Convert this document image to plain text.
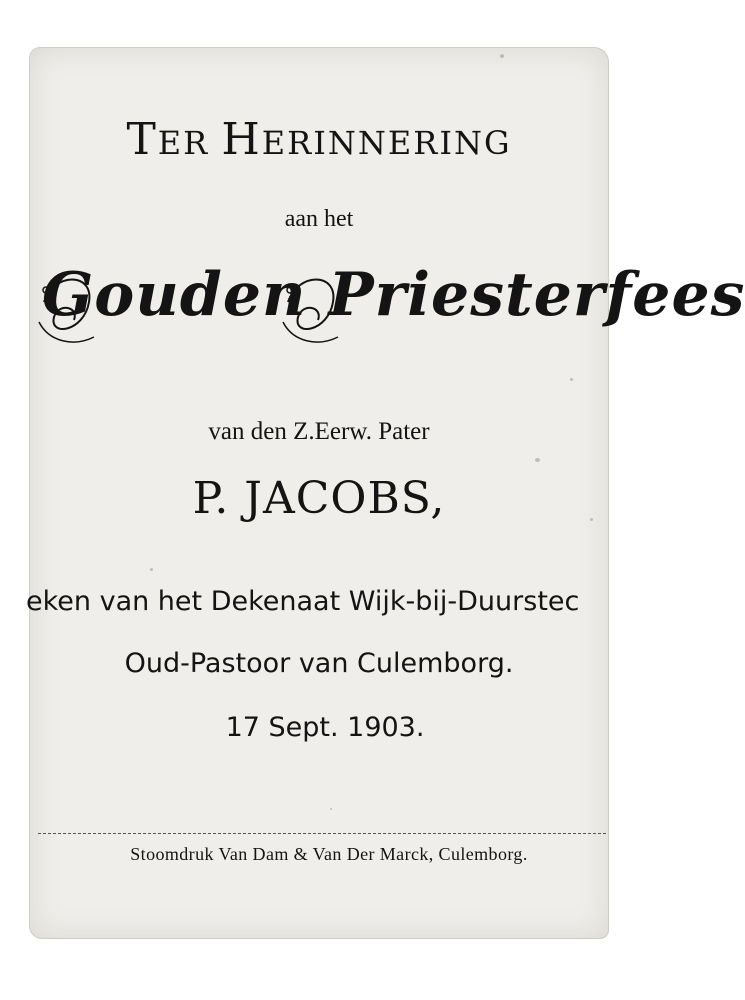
TER HERINNERING
aan het
Gouden Priesterfees
van den Z.Eerw. Pater
P. JACOBS,
eken van het Dekenaat Wijk-bij-Duurstec
Oud-Pastoor van Culemborg.
17 Sept. 1903.
Stoomdruk Van Dam & Van Der Marck, Culemborg.
